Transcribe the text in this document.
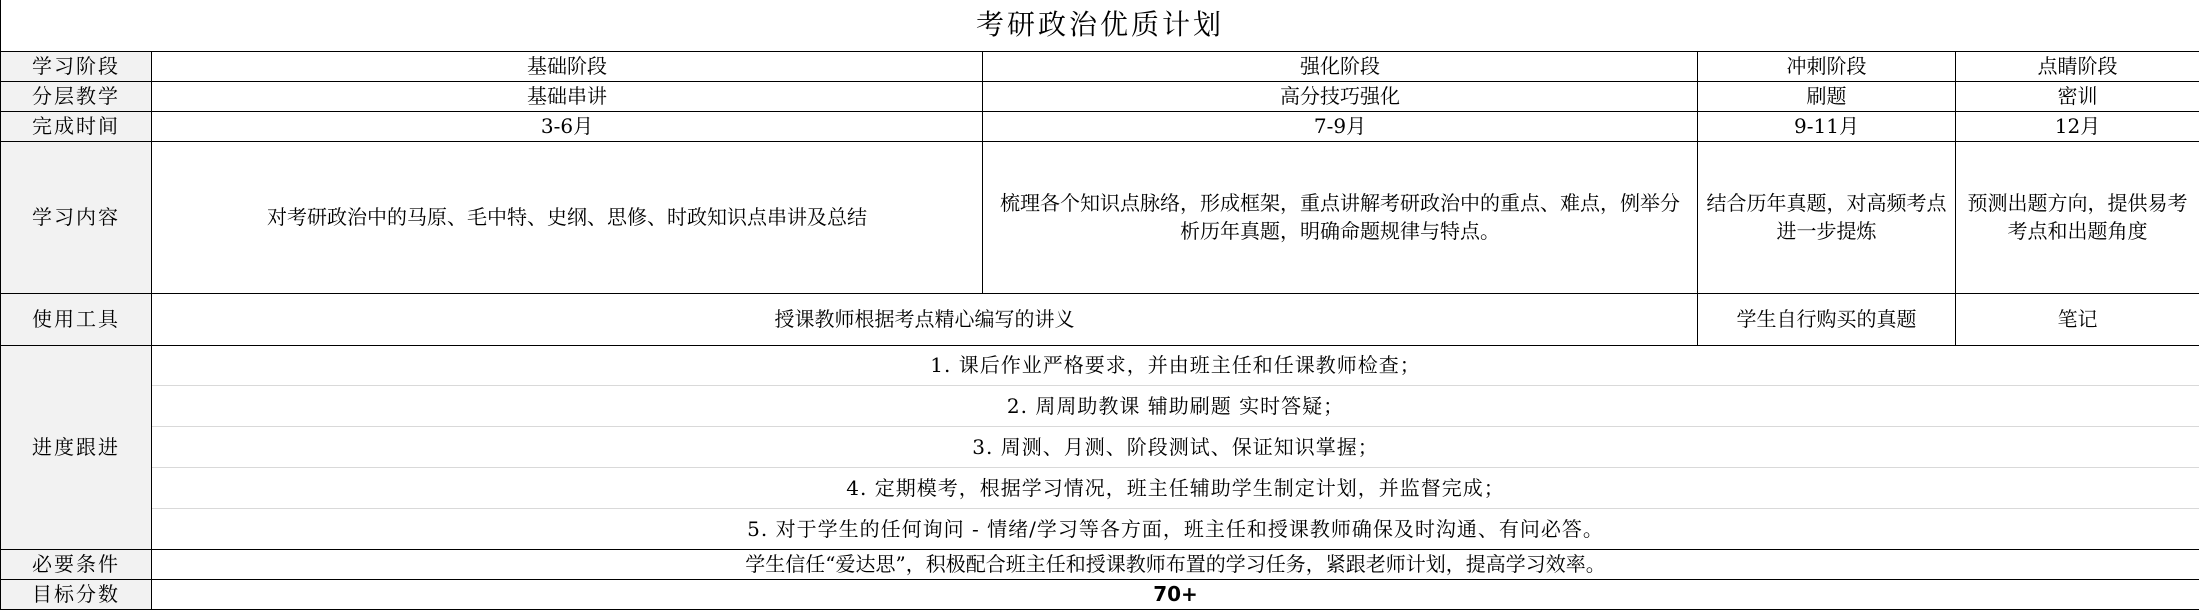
考研政治优质计划				
学习阶段	基础阶段	强化阶段	冲刺阶段	点睛阶段
分层教学	基础串讲	高分技巧强化	刷题	密训
完成时间	3-6月	7-9月	9-11月	12月
学习内容	对考研政治中的马原、毛中特、史纲、思修、时政知识点串讲及总结	梳理各个知识点脉络，形成框架，重点讲解考研政治中的重点、难点，例举分析历年真题，明确命题规律与特点。	结合历年真题，对高频考点进一步提炼	预测出题方向，提供易考考点和出题角度
使用工具	授课教师根据考点精心编写的讲义		学生自行购买的真题	笔记
进度跟进	1. 课后作业严格要求，并由班主任和任课教师检查；			
	2. 周周助教课 辅助刷题 实时答疑；			
	3. 周测、月测、阶段测试、保证知识掌握；			
	4. 定期模考，根据学习情况，班主任辅助学生制定计划，并监督完成；			
	5. 对于学生的任何询问 - 情绪/学习等各方面，班主任和授课教师确保及时沟通、有问必答。			
必要条件	学生信任“爱达思”，积极配合班主任和授课教师布置的学习任务，紧跟老师计划，提高学习效率。			
目标分数	70+			
